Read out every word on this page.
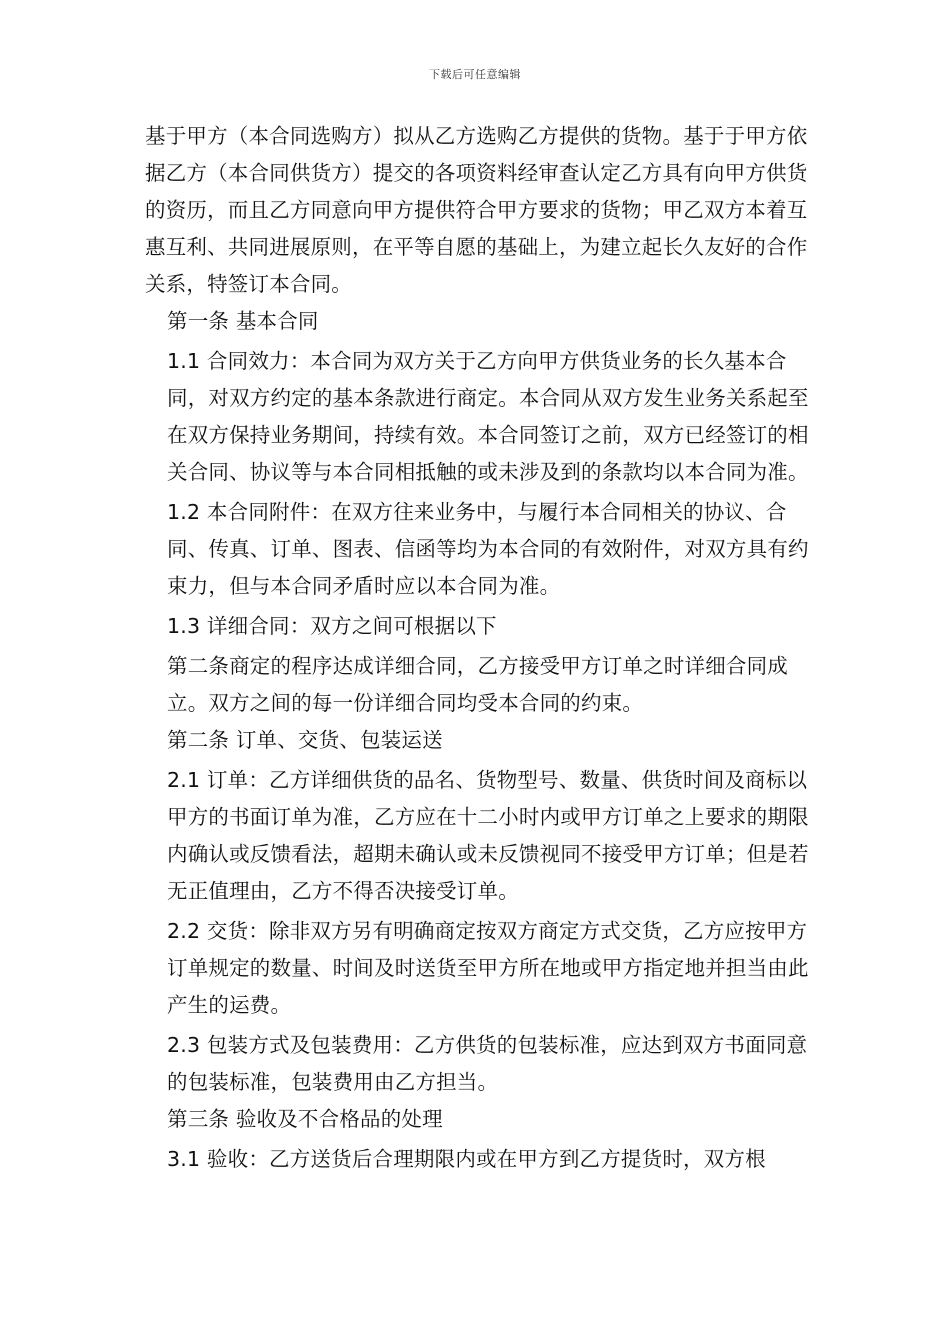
下载后可任意编辑

基于甲方（本合同选购方）拟从乙方选购乙方提供的货物。基于于甲方依据乙方（本合同供货方）提交的各项资料经审查认定乙方具有向甲方供货的资历，而且乙方同意向甲方提供符合甲方要求的货物；甲乙双方本着互惠互利、共同进展原则，在平等自愿的基础上，为建立起长久友好的合作关系，特签订本合同。

第一条 基本合同

1.1 合同效力：本合同为双方关于乙方向甲方供货业务的长久基本合同，对双方约定的基本条款进行商定。本合同从双方发生业务关系起至在双方保持业务期间，持续有效。本合同签订之前，双方已经签订的相关合同、协议等与本合同相抵触的或未涉及到的条款均以本合同为准。

1.2 本合同附件：在双方往来业务中，与履行本合同相关的协议、合同、传真、订单、图表、信函等均为本合同的有效附件，对双方具有约束力，但与本合同矛盾时应以本合同为准。

1.3 详细合同：双方之间可根据以下

第二条商定的程序达成详细合同，乙方接受甲方订单之时详细合同成立。双方之间的每一份详细合同均受本合同的约束。

第二条 订单、交货、包装运送

2.1 订单：乙方详细供货的品名、货物型号、数量、供货时间及商标以甲方的书面订单为准，乙方应在十二小时内或甲方订单之上要求的期限内确认或反馈看法，超期未确认或未反馈视同不接受甲方订单；但是若无正值理由，乙方不得否决接受订单。

2.2 交货：除非双方另有明确商定按双方商定方式交货，乙方应按甲方订单规定的数量、时间及时送货至甲方所在地或甲方指定地并担当由此产生的运费。

2.3 包装方式及包装费用：乙方供货的包装标准，应达到双方书面同意的包装标准，包装费用由乙方担当。

第三条 验收及不合格品的处理

3.1 验收：乙方送货后合理期限内或在甲方到乙方提货时，双方根
